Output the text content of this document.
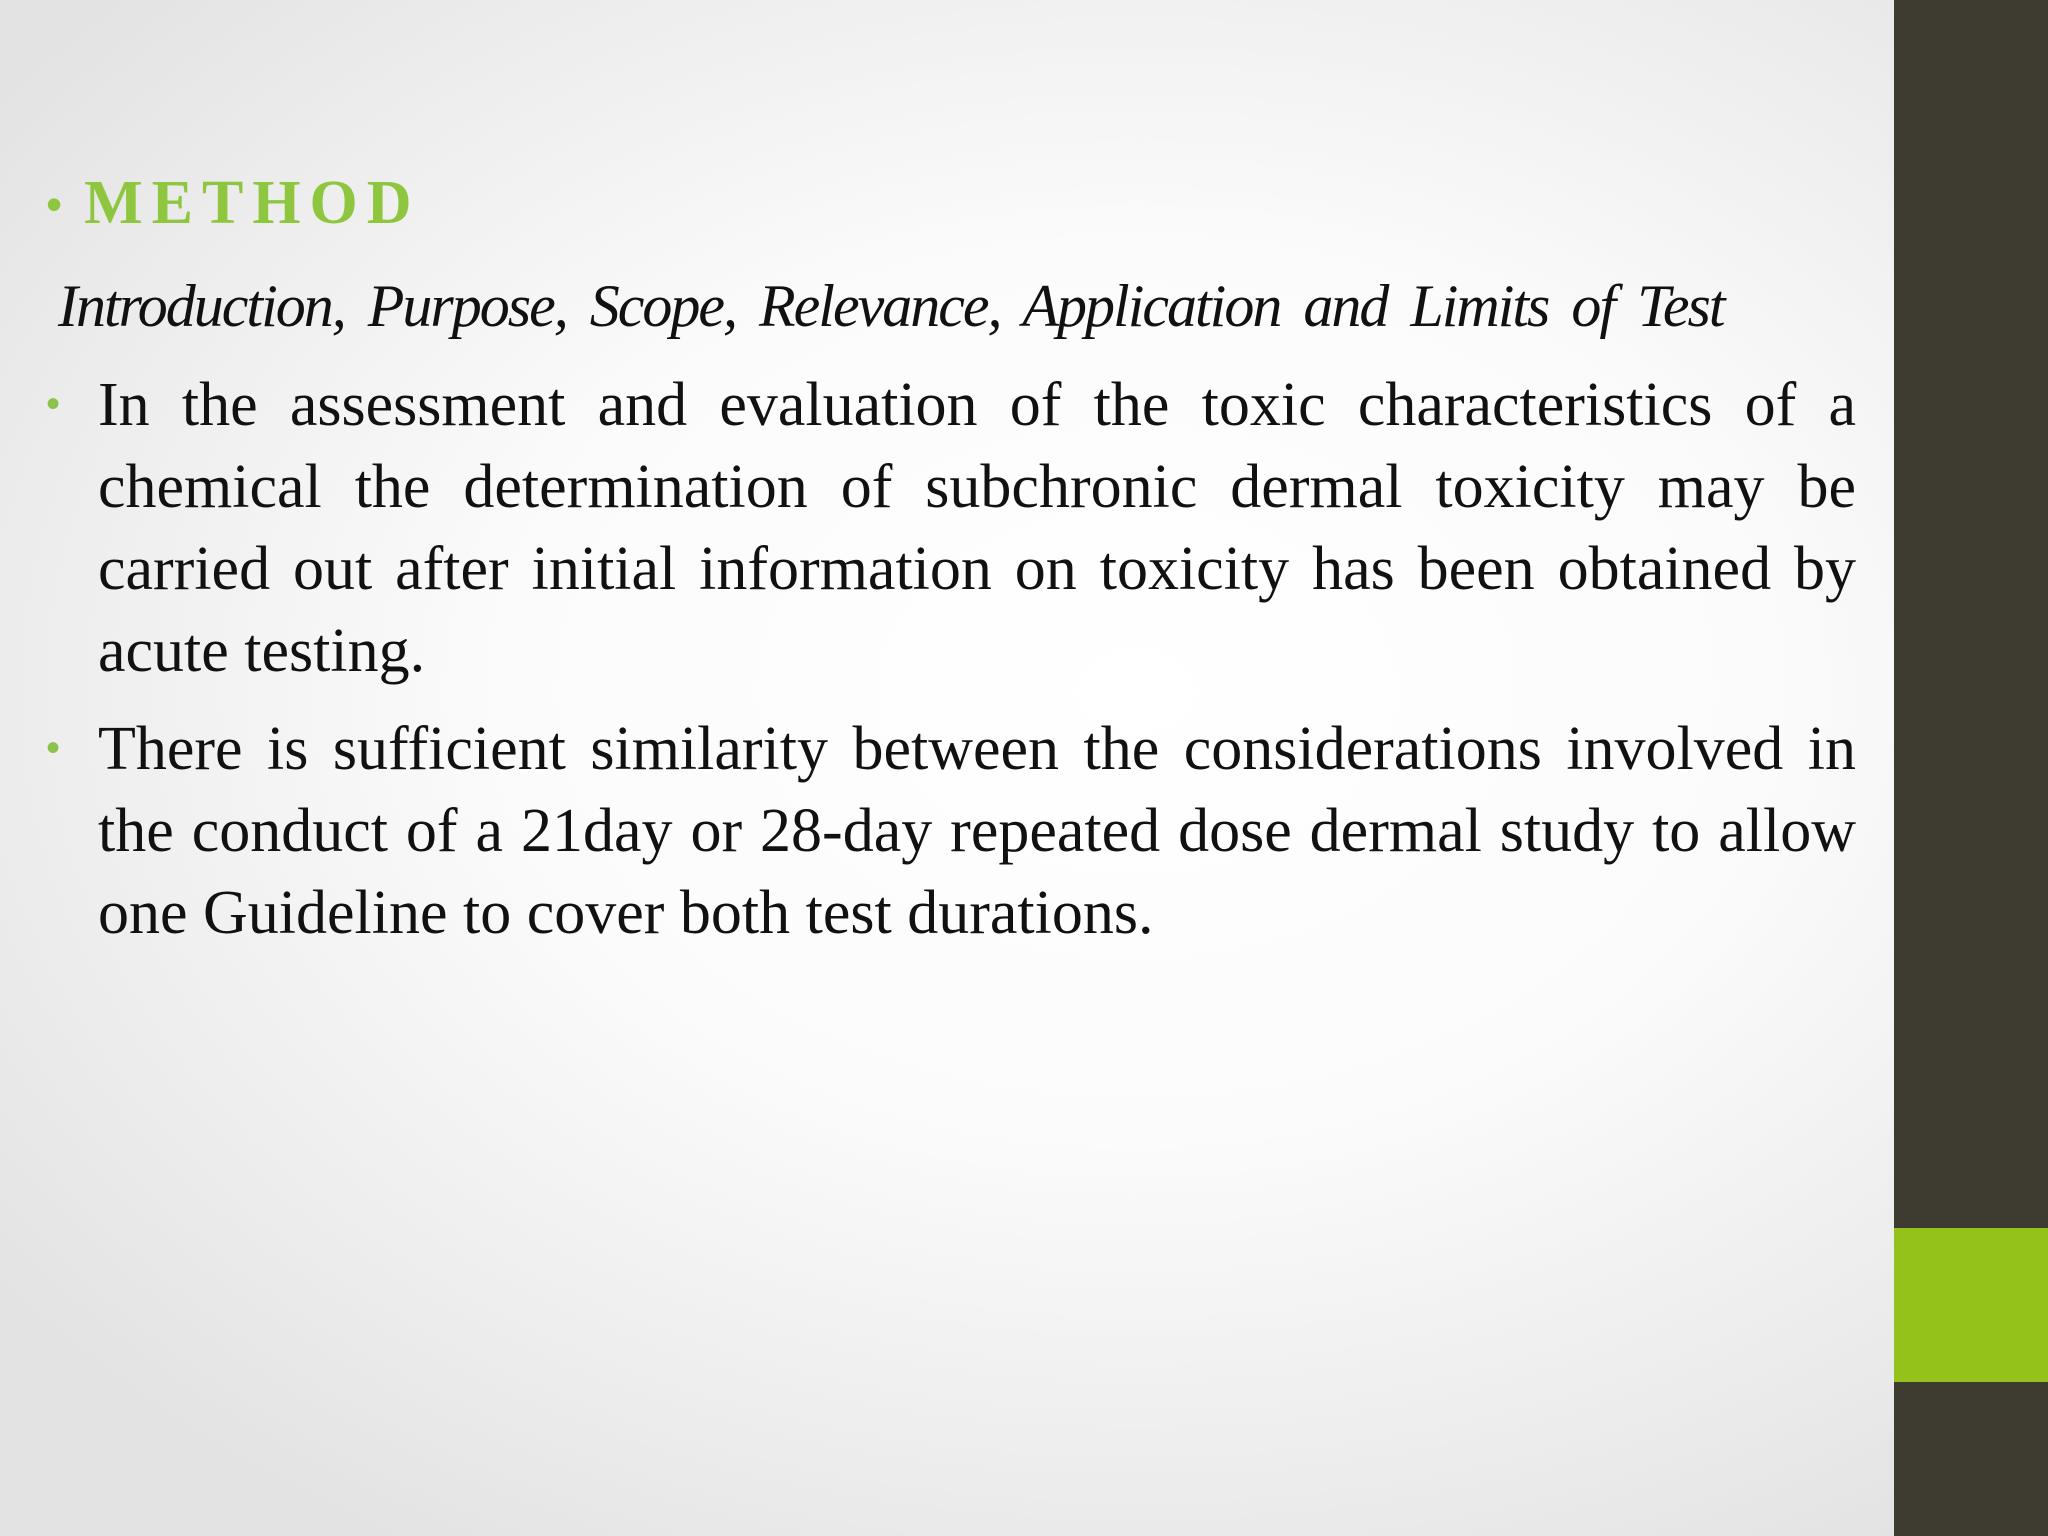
• METHOD
Introduction, Purpose, Scope, Relevance, Application and Limits of Test
• In the assessment and evaluation of the toxic characteristics of a chemical the determination of subchronic dermal toxicity may be carried out after initial information on toxicity has been obtained by acute testing.
• There is sufficient similarity between the considerations involved in the conduct of a 21day or 28-day repeated dose dermal study to allow one Guideline to cover both test durations.
